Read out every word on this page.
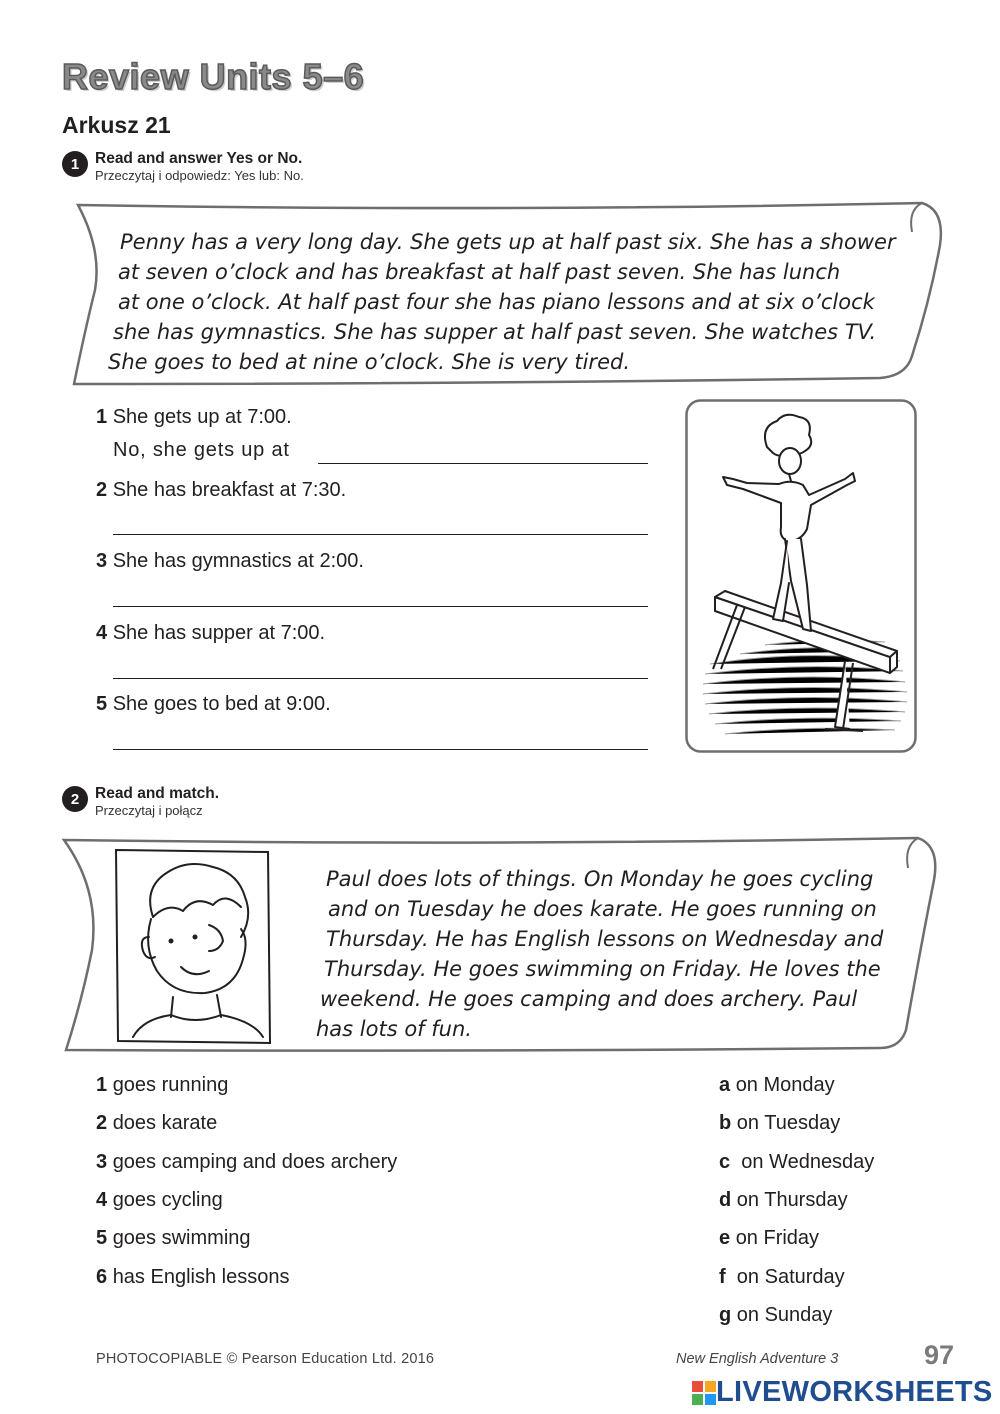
Review Units 5–6
Arkusz 21
1	Read and answer Yes or No.
Przeczytaj i odpowiedz: Yes lub: No.
Penny has a very long day. She gets up at half past six. She has a shower
at seven o’clock and has breakfast at half past seven. She has lunch
at one o’clock. At half past four she has piano lessons and at six o’clock
she has gymnastics. She has supper at half past seven. She watches TV.
She goes to bed at nine o’clock. She is very tired.
1 She gets up at 7:00.
No, she gets up at
2 She has breakfast at 7:30.
3 She has gymnastics at 2:00.
4 She has supper at 7:00.
5 She goes to bed at 9:00.
2	Read and match.
Przeczytaj i połącz
Paul does lots of things. On Monday he goes cycling
and on Tuesday he does karate. He goes running on
Thursday. He has English lessons on Wednesday and
Thursday. He goes swimming on Friday. He loves the
weekend. He goes camping and does archery. Paul
has lots of fun.
1 goes running
2 does karate
3 goes camping and does archery
4 goes cycling
5 goes swimming
6 has English lessons
a on Monday
b on Tuesday
c on Wednesday
d on Thursday
e on Friday
f on Saturday
g on Sunday
PHOTOCOPIABLE © Pearson Education Ltd. 2016	New English Adventure 3	97
LIVEWORKSHEETS
